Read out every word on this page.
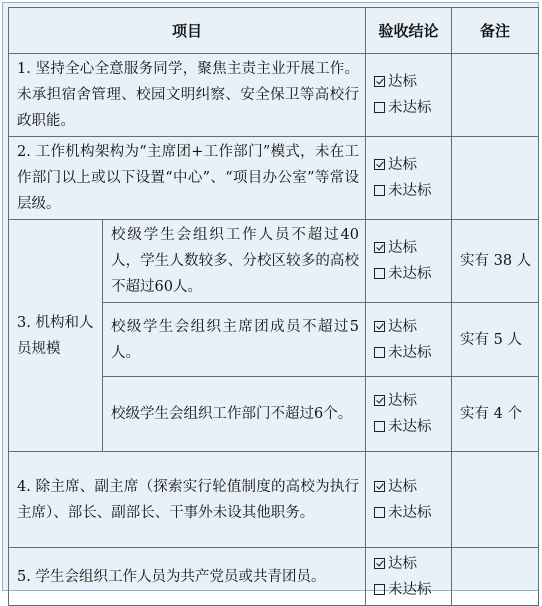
项目		验收结论	备注
1. 坚持全心全意服务同学，聚焦主责主业开展工作。未承担宿舍管理、校园文明纠察、安全保卫等高校行政职能。		达标
未达标	

2. 工作机构架构为“主席团+工作部门”模式，未在工作部门以上或以下设置“中心”、“项目办公室”等常设层级。		达标
未达标	

3. 机构和人员规模	校级学生会组织工作人员不超过40人，学生人数较多、分校区较多的高校不超过60人。	达标
未达标	实有 38 人
	校级学生会组织主席团成员不超过5人。	达标
未达标	实有 5 人
	校级学生会组织工作部门不超过6个。	达标
未达标	实有 4 个
4. 除主席、副主席（探索实行轮值制度的高校为执行主席）、部长、副部长、干事外未设其他职务。		达标
未达标	

5. 学生会组织工作人员为共产党员或共青团员。		达标
未达标	
